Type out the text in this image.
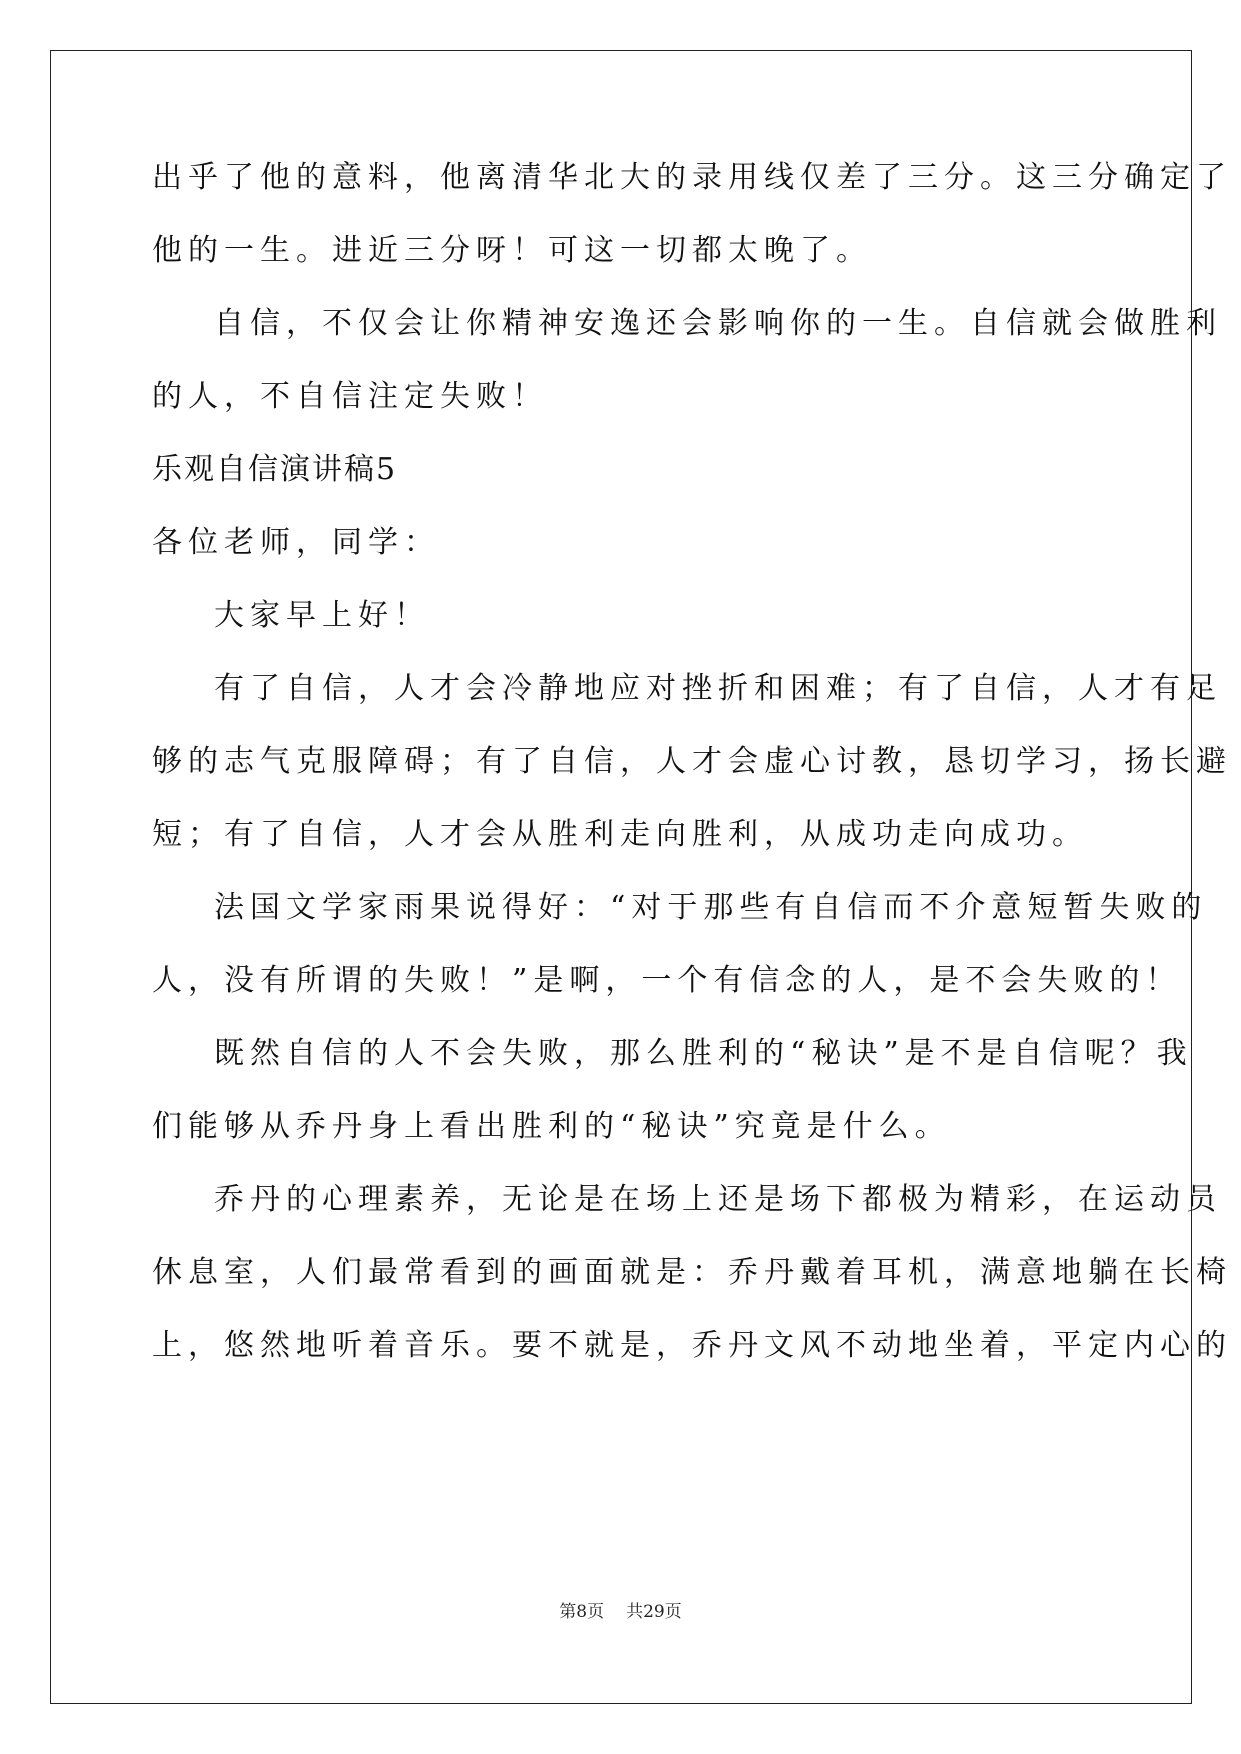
出乎了他的意料，他离清华北大的录用线仅差了三分。这三分确定了
他的一生。进近三分呀！可这一切都太晚了。
自信，不仅会让你精神安逸还会影响你的一生。自信就会做胜利
的人，不自信注定失败！
乐观自信演讲稿5
各位老师，同学：
大家早上好！
有了自信，人才会冷静地应对挫折和困难；有了自信，人才有足
够的志气克服障碍；有了自信，人才会虚心讨教，恳切学习，扬长避
短；有了自信，人才会从胜利走向胜利，从成功走向成功。
法国文学家雨果说得好：“对于那些有自信而不介意短暂失败的
人，没有所谓的失败！”是啊，一个有信念的人，是不会失败的！
既然自信的人不会失败，那么胜利的“秘诀”是不是自信呢？我
们能够从乔丹身上看出胜利的“秘诀”究竟是什么。
乔丹的心理素养，无论是在场上还是场下都极为精彩，在运动员
休息室，人们最常看到的画面就是：乔丹戴着耳机，满意地躺在长椅
上，悠然地听着音乐。要不就是，乔丹文风不动地坐着，平定内心的
第8页 共29页
